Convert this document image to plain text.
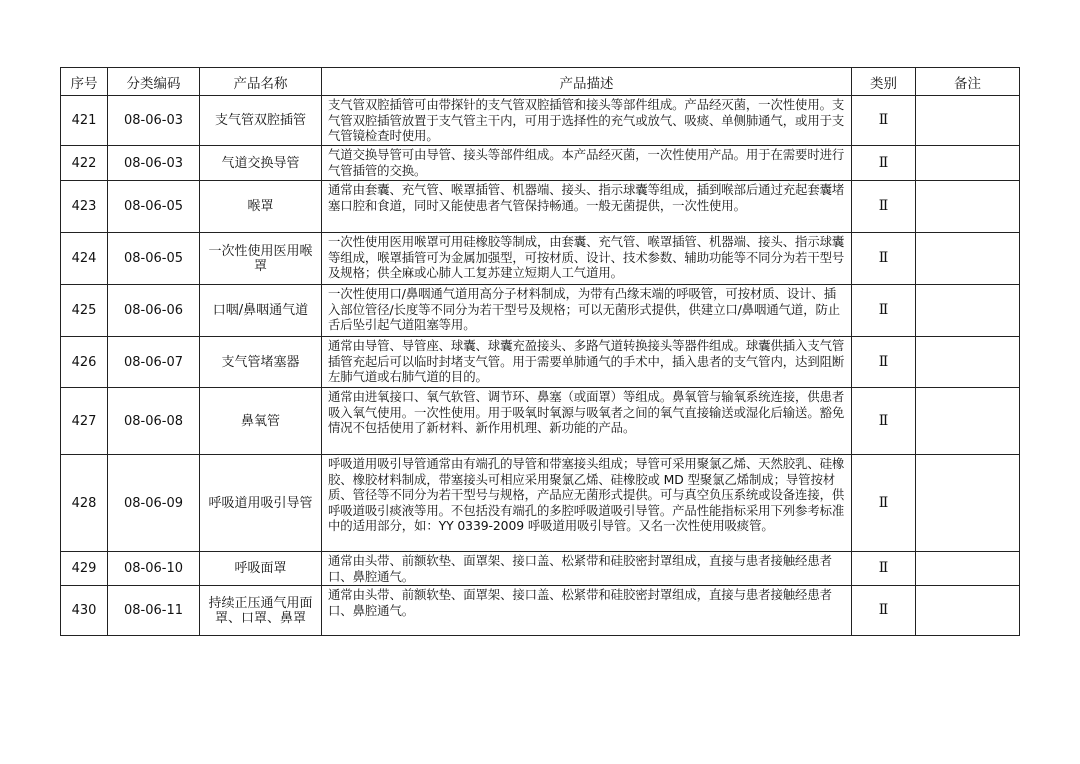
序号	分类编码	产品名称	产品描述	类别	备注
421	08-06-03	支气管双腔插管	支气管双腔插管可由带探针的支气管双腔插管和接头等部件组成。产品经灭菌，一次性使用。支气管双腔插管放置于支气管主干内，可用于选择性的充气或放气、吸痰、单侧肺通气，或用于支气管镜检查时使用。	Ⅱ	
422	08-06-03	气道交换导管	气道交换导管可由导管、接头等部件组成。本产品经灭菌，一次性使用产品。用于在需要时进行气管插管的交换。	Ⅱ	
423	08-06-05	喉罩	通常由套囊、充气管、喉罩插管、机器端、接头、指示球囊等组成，插到喉部后通过充起套囊堵塞口腔和食道，同时又能使患者气管保持畅通。一般无菌提供，一次性使用。	Ⅱ	
424	08-06-05	一次性使用医用喉罩	一次性使用医用喉罩可用硅橡胶等制成，由套囊、充气管、喉罩插管、机器端、接头、指示球囊等组成，喉罩插管可为金属加强型，可按材质、设计、技术参数、辅助功能等不同分为若干型号及规格；供全麻或心肺人工复苏建立短期人工气道用。	Ⅱ	
425	08-06-06	口咽/鼻咽通气道	一次性使用口/鼻咽通气道用高分子材料制成，为带有凸缘末端的呼吸管，可按材质、设计、插入部位管径/长度等不同分为若干型号及规格；可以无菌形式提供，供建立口/鼻咽通气道，防止舌后坠引起气道阻塞等用。	Ⅱ	
426	08-06-07	支气管堵塞器	通常由导管、导管座、球囊、球囊充盈接头、多路气道转换接头等器件组成。球囊供插入支气管插管充起后可以临时封堵支气管。用于需要单肺通气的手术中，插入患者的支气管内，达到阻断左肺气道或右肺气道的目的。	Ⅱ	
427	08-06-08	鼻氧管	通常由进氧接口、氧气软管、调节环、鼻塞（或面罩）等组成。鼻氧管与输氧系统连接，供患者吸入氧气使用。一次性使用。用于吸氧时氧源与吸氧者之间的氧气直接输送或湿化后输送。豁免情况不包括使用了新材料、新作用机理、新功能的产品。	Ⅱ	
428	08-06-09	呼吸道用吸引导管	呼吸道用吸引导管通常由有端孔的导管和带塞接头组成；导管可采用聚氯乙烯、天然胶乳、硅橡胶、橡胶材料制成，带塞接头可相应采用聚氯乙烯、硅橡胶或 MD 型聚氯乙烯制成；导管按材质、管径等不同分为若干型号与规格，产品应无菌形式提供。可与真空负压系统或设备连接，供呼吸道吸引痰液等用。不包括没有端孔的多腔呼吸道吸引导管。产品性能指标采用下列参考标准中的适用部分，如：YY 0339-2009 呼吸道用吸引导管。又名一次性使用吸痰管。	Ⅱ	
429	08-06-10	呼吸面罩	通常由头带、前额软垫、面罩架、接口盖、松紧带和硅胶密封罩组成，直接与患者接触经患者口、鼻腔通气。	Ⅱ	
430	08-06-11	持续正压通气用面罩、口罩、鼻罩	通常由头带、前额软垫、面罩架、接口盖、松紧带和硅胶密封罩组成，直接与患者接触经患者口、鼻腔通气。	Ⅱ	
